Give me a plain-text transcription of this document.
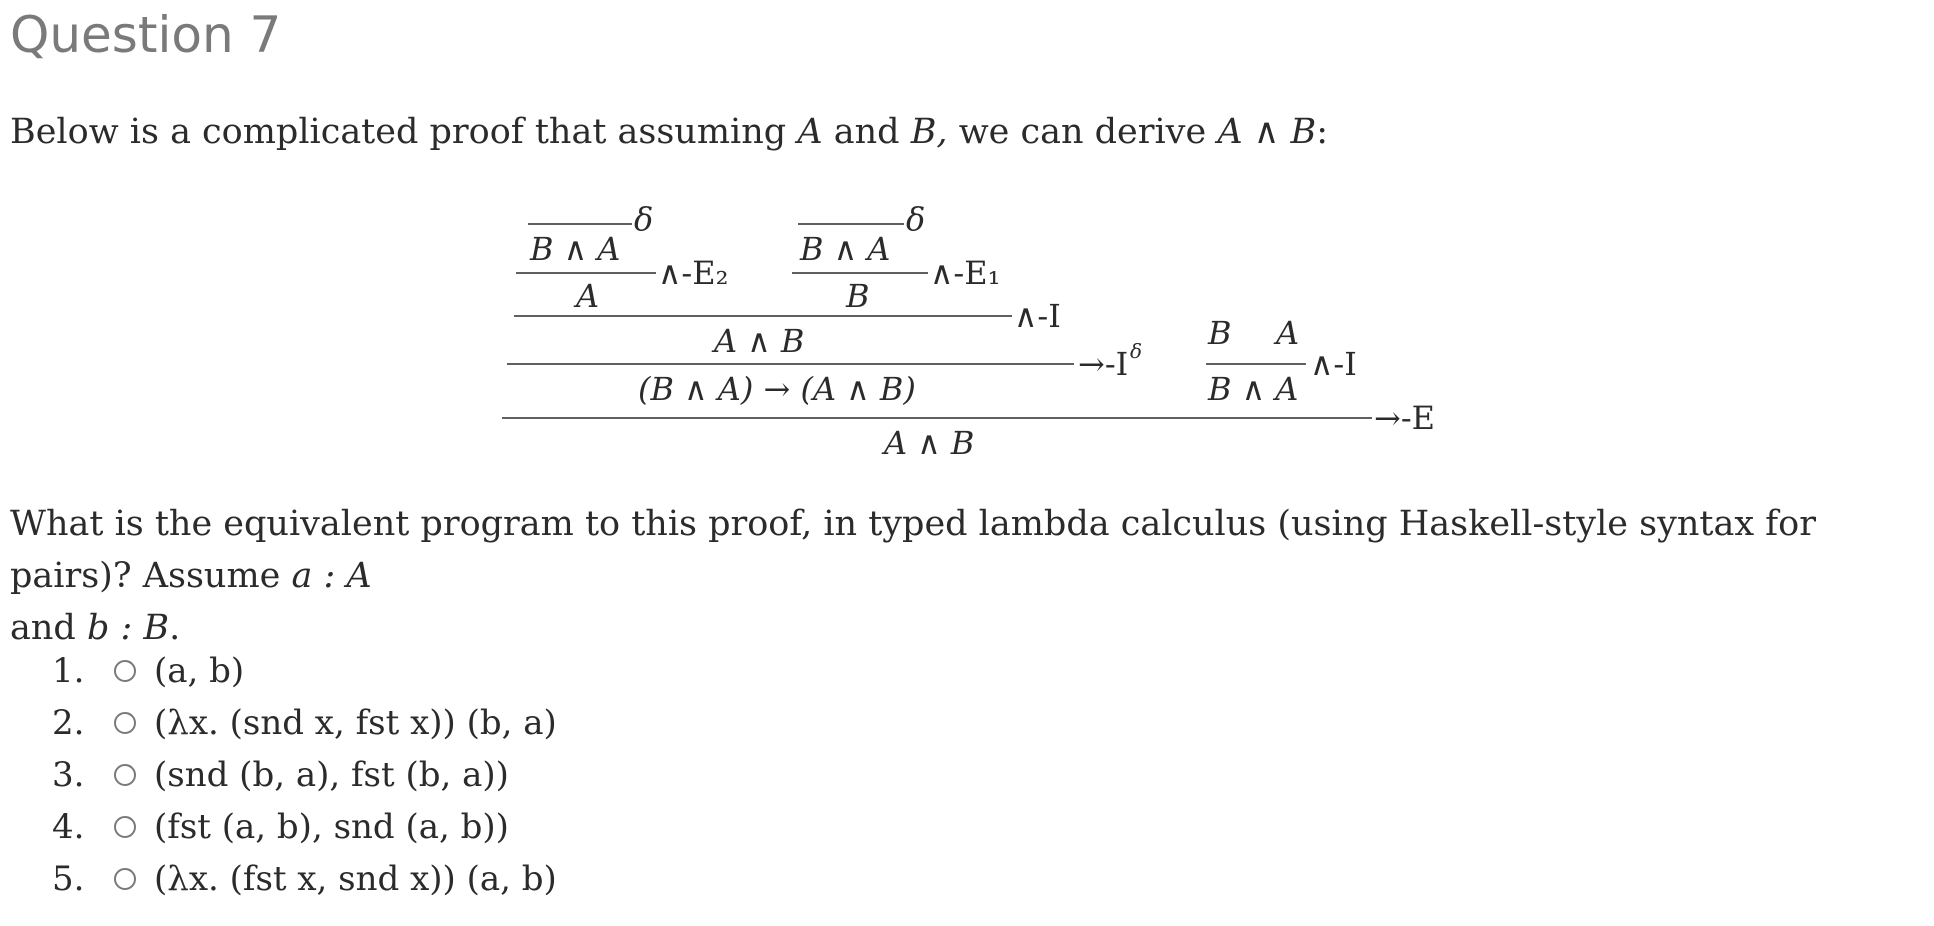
Question 7

Below is a complicated proof that assuming A and B, we can derive A ∧ B:

δ
B ∧ A
∧-E₂
A
δ
B ∧ A
∧-E₁
B
∧-I
A ∧ B
→-I δ
(B ∧ A) → (A ∧ B)
B A
∧-I
B ∧ A
→-E
A ∧ B

What is the equivalent program to this proof, in typed lambda calculus (using Haskell-style syntax for pairs)? Assume a : A
and b : B.

1.	(a, b)
2.	(λx. (snd x, fst x)) (b, a)
3.	(snd (b, a), fst (b, a))
4.	(fst (a, b), snd (a, b))
5.	(λx. (fst x, snd x)) (a, b)
